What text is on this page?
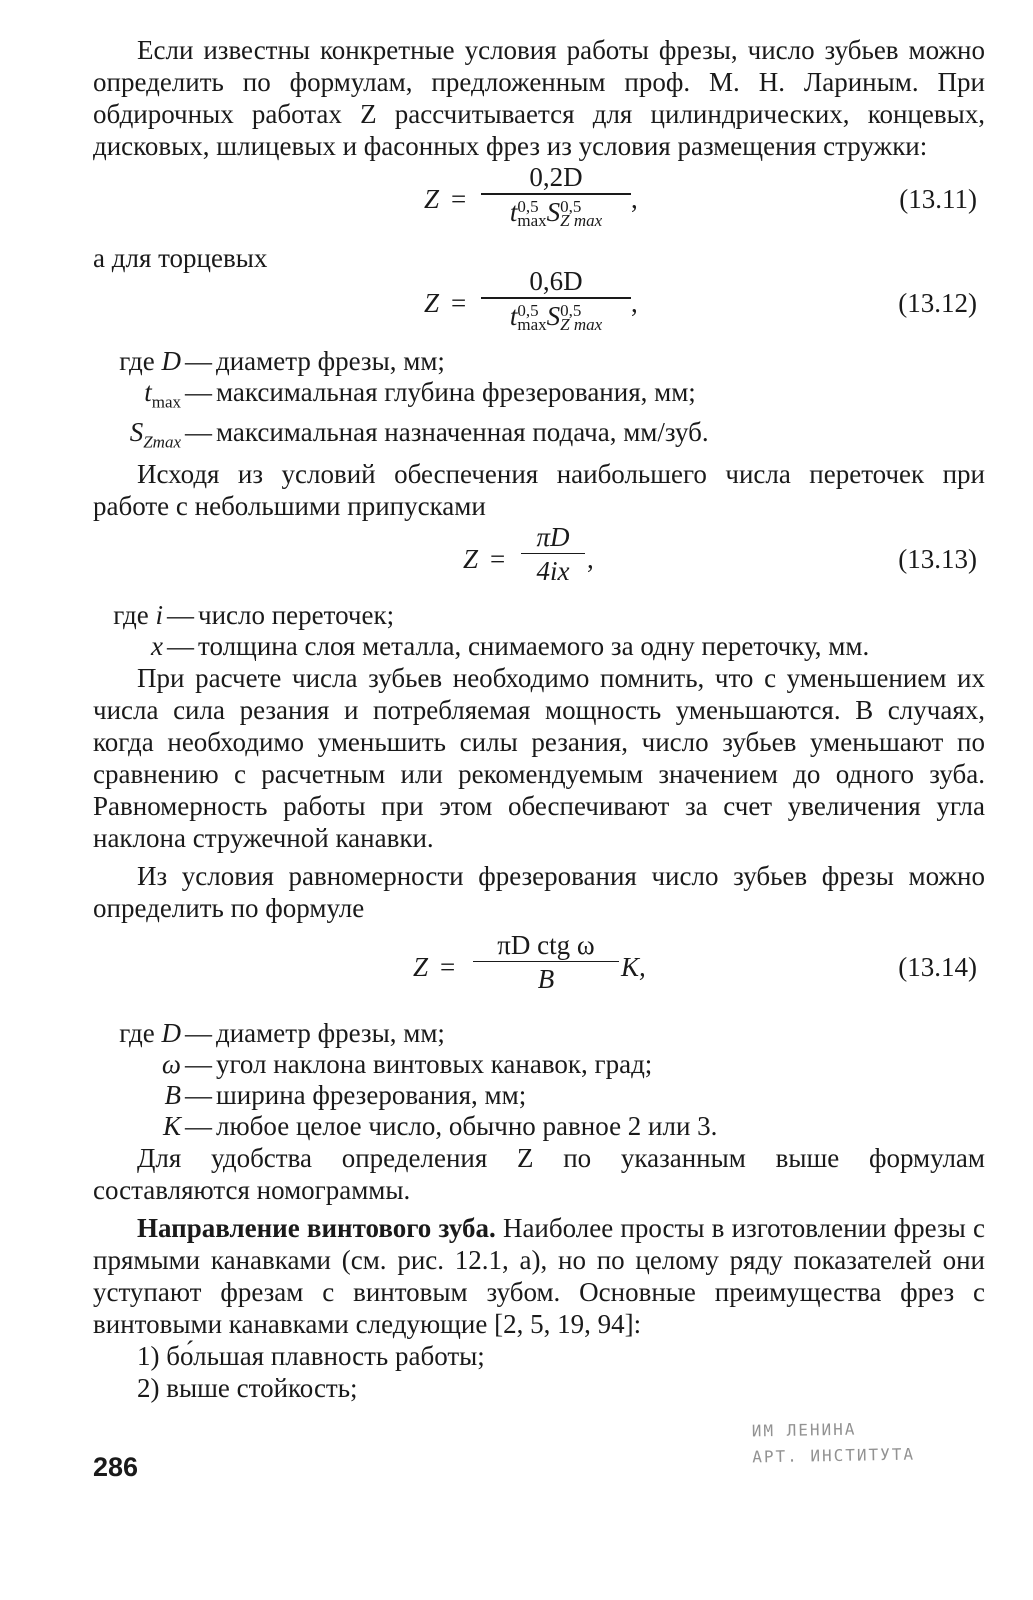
Если известны конкретные условия работы фрезы, число зубьев можно определить по формулам, предложенным проф. М. Н. Лариным. При обдирочных работах Z рассчитывается для цилиндрических, концевых, дисковых, шлицевых и фасонных фрез из условия размещения стружки:

Z =
0,2D
t 0,5
max S 0,5
Z max
,	(13.11)

а для торцевых

Z =
0,6D
t 0,5
max S 0,5
Z max
,	(13.12)
где D — диаметр фрезы, мм;
$t_{max}$ — максимальная глубина фрезерования, мм;
$S_{Zmax}$ — максимальная назначенная подача, мм/зуб.

Исходя из условий обеспечения наибольшего числа переточек при работе с небольшими припусками

Z =
πD
4ix ,	(13.13)
где i — число переточек;
x — толщина слоя металла, снимаемого за одну переточку, мм.

При расчете числа зубьев необходимо помнить, что с уменьшением их числа сила резания и потребляемая мощность уменьшаются. В случаях, когда необходимо уменьшить силы резания, число зубьев уменьшают по сравнению с расчетным или рекомендуемым значением до одного зуба. Равномерность работы при этом обеспечивают за счет увеличения угла наклона стружечной канавки.

Из условия равномерности фрезерования число зубьев фрезы можно определить по формуле

Z =
πD ctg ω
B	K,	(13.14)
где D — диаметр фрезы, мм;
ω — угол наклона винтовых канавок, град;
B — ширина фрезерования, мм;
K — любое целое число, обычно равное 2 или 3.

Для удобства определения Z по указанным выше формулам составляются номограммы.

Направление винтового зуба. Наиболее просты в изготовлении фрезы с прямыми канавками (см. рис. 12.1, а), но по целому ряду показателей они уступают фрезам с винтовым зубом. Основные преимущества фрез с винтовыми канавками следующие [2, 5, 19, 94]:

1) бо́льшая плавность работы;
2) выше стойкость;
ИМ ЛЕНИНА
АРТ. ИНСТИТУТА
286
